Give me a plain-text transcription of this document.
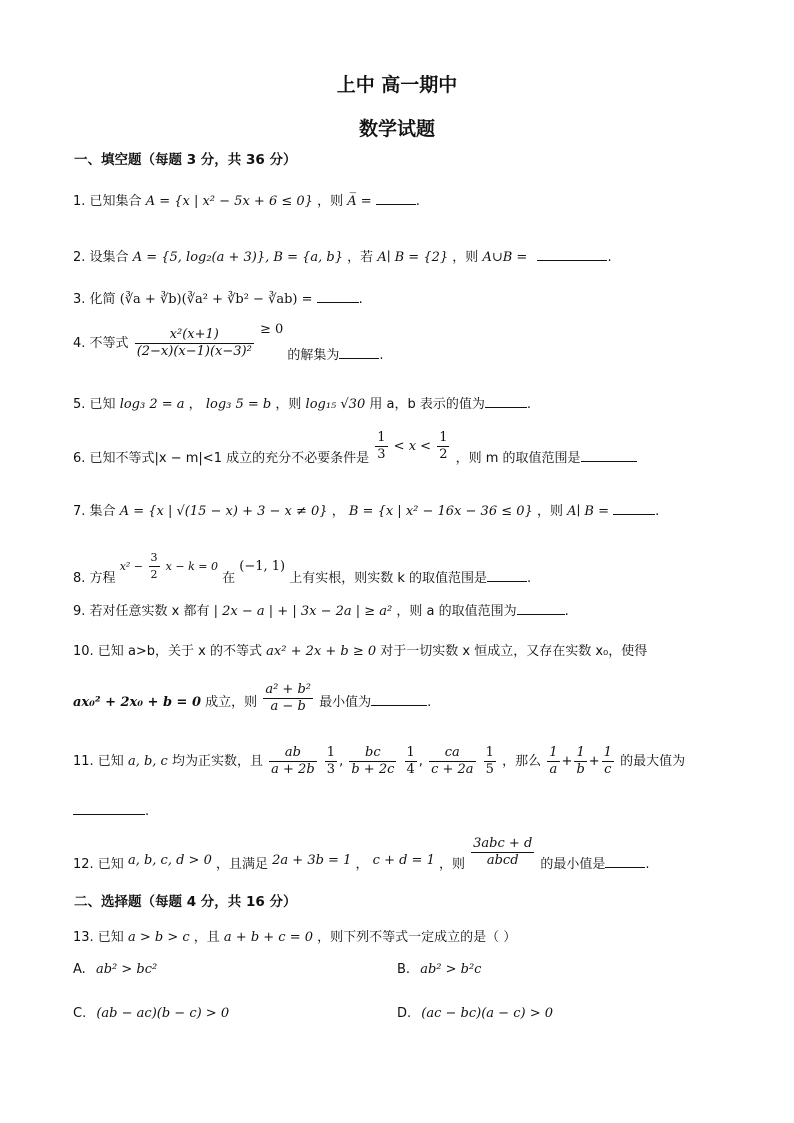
上中 高一期中
数学试题
一、填空题（每题 3 分，共 36 分）
1. 已知集合 A = {x | x² − 5x + 6 ≤ 0} ，则 A̅ =	.
2. 设集合 A = {5, log₂(a + 3)}, B = {a, b} ，若 A∣ B = {2} ，则 A∪B =	.
3. 化简 (∛a + ∛b)(∛a² + ∛b² − ∛ab) =	.
4. 不等式 $\frac{\text{x²(x+1)}}{\text{(2−x)(x−1)(x−3)²}} \ge 0$ 的解集为	.
5. 已知 log₃ 2 = a ， log₃ 5 = b ，则 log₁₅ √30 用 a，b 表示的值为	.
6. 已知不等式|x − m|<1 成立的充分不必要条件是 $\frac{1}{3} < x < \frac{1}{2}$ ，则 m 的取值范围是
7. 集合 A = {x | √(15 − x) + 3 − x ≠ 0} ， B = {x | x² − 16x − 36 ≤ 0} ，则 A∣ B =	.
8. 方程 $x^2 - \frac{3}{2}$ x − k = 0 在 (−1, 1) 上有实根，则实数 k 的取值范围是	.
9. 若对任意实数 x 都有 | 2x − a | + | 3x − 2a | ≥ a² ，则 a 的取值范围为	.
10. 已知 a>b，关于 x 的不等式 ax² + 2x + b ≥ 0 对于一切实数 x 恒成立，又存在实数 x₀，使得
ax₀² + 2x₀ + b = 0 成立，则 $\frac{\text{a² + b²}}{a - b}$ 最小值为	.
11. 已知 a, b, c 均为正实数，且 $\frac{ab}{a + 2b}$
$\frac{1}{3}$ , $\frac{bc}{b + 2c}$
$\frac{1}{4}$ , $\frac{ca}{c + 2a}$
$\frac{1}{5}$ ，那么 $\frac{1}{a} + \frac{1}{b} + \frac{1}{c}$ 的最大值为
.
12. 已知 a, b, c, d > 0 ，且满足 2a + 3b = 1 ， c + d = 1 ，则 $\frac{\text{3abc + d}}{\text{abcd}}$ 的最小值是	.
二、选择题（每题 4 分，共 16 分）
13. 已知 a > b > c ，且 a + b + c = 0 ，则下列不等式一定成立的是（ ）
A. ab² > bc²	B. ab² > b²c
C. (ab − ac)(b − c) > 0	D. (ac − bc)(a − c) > 0
